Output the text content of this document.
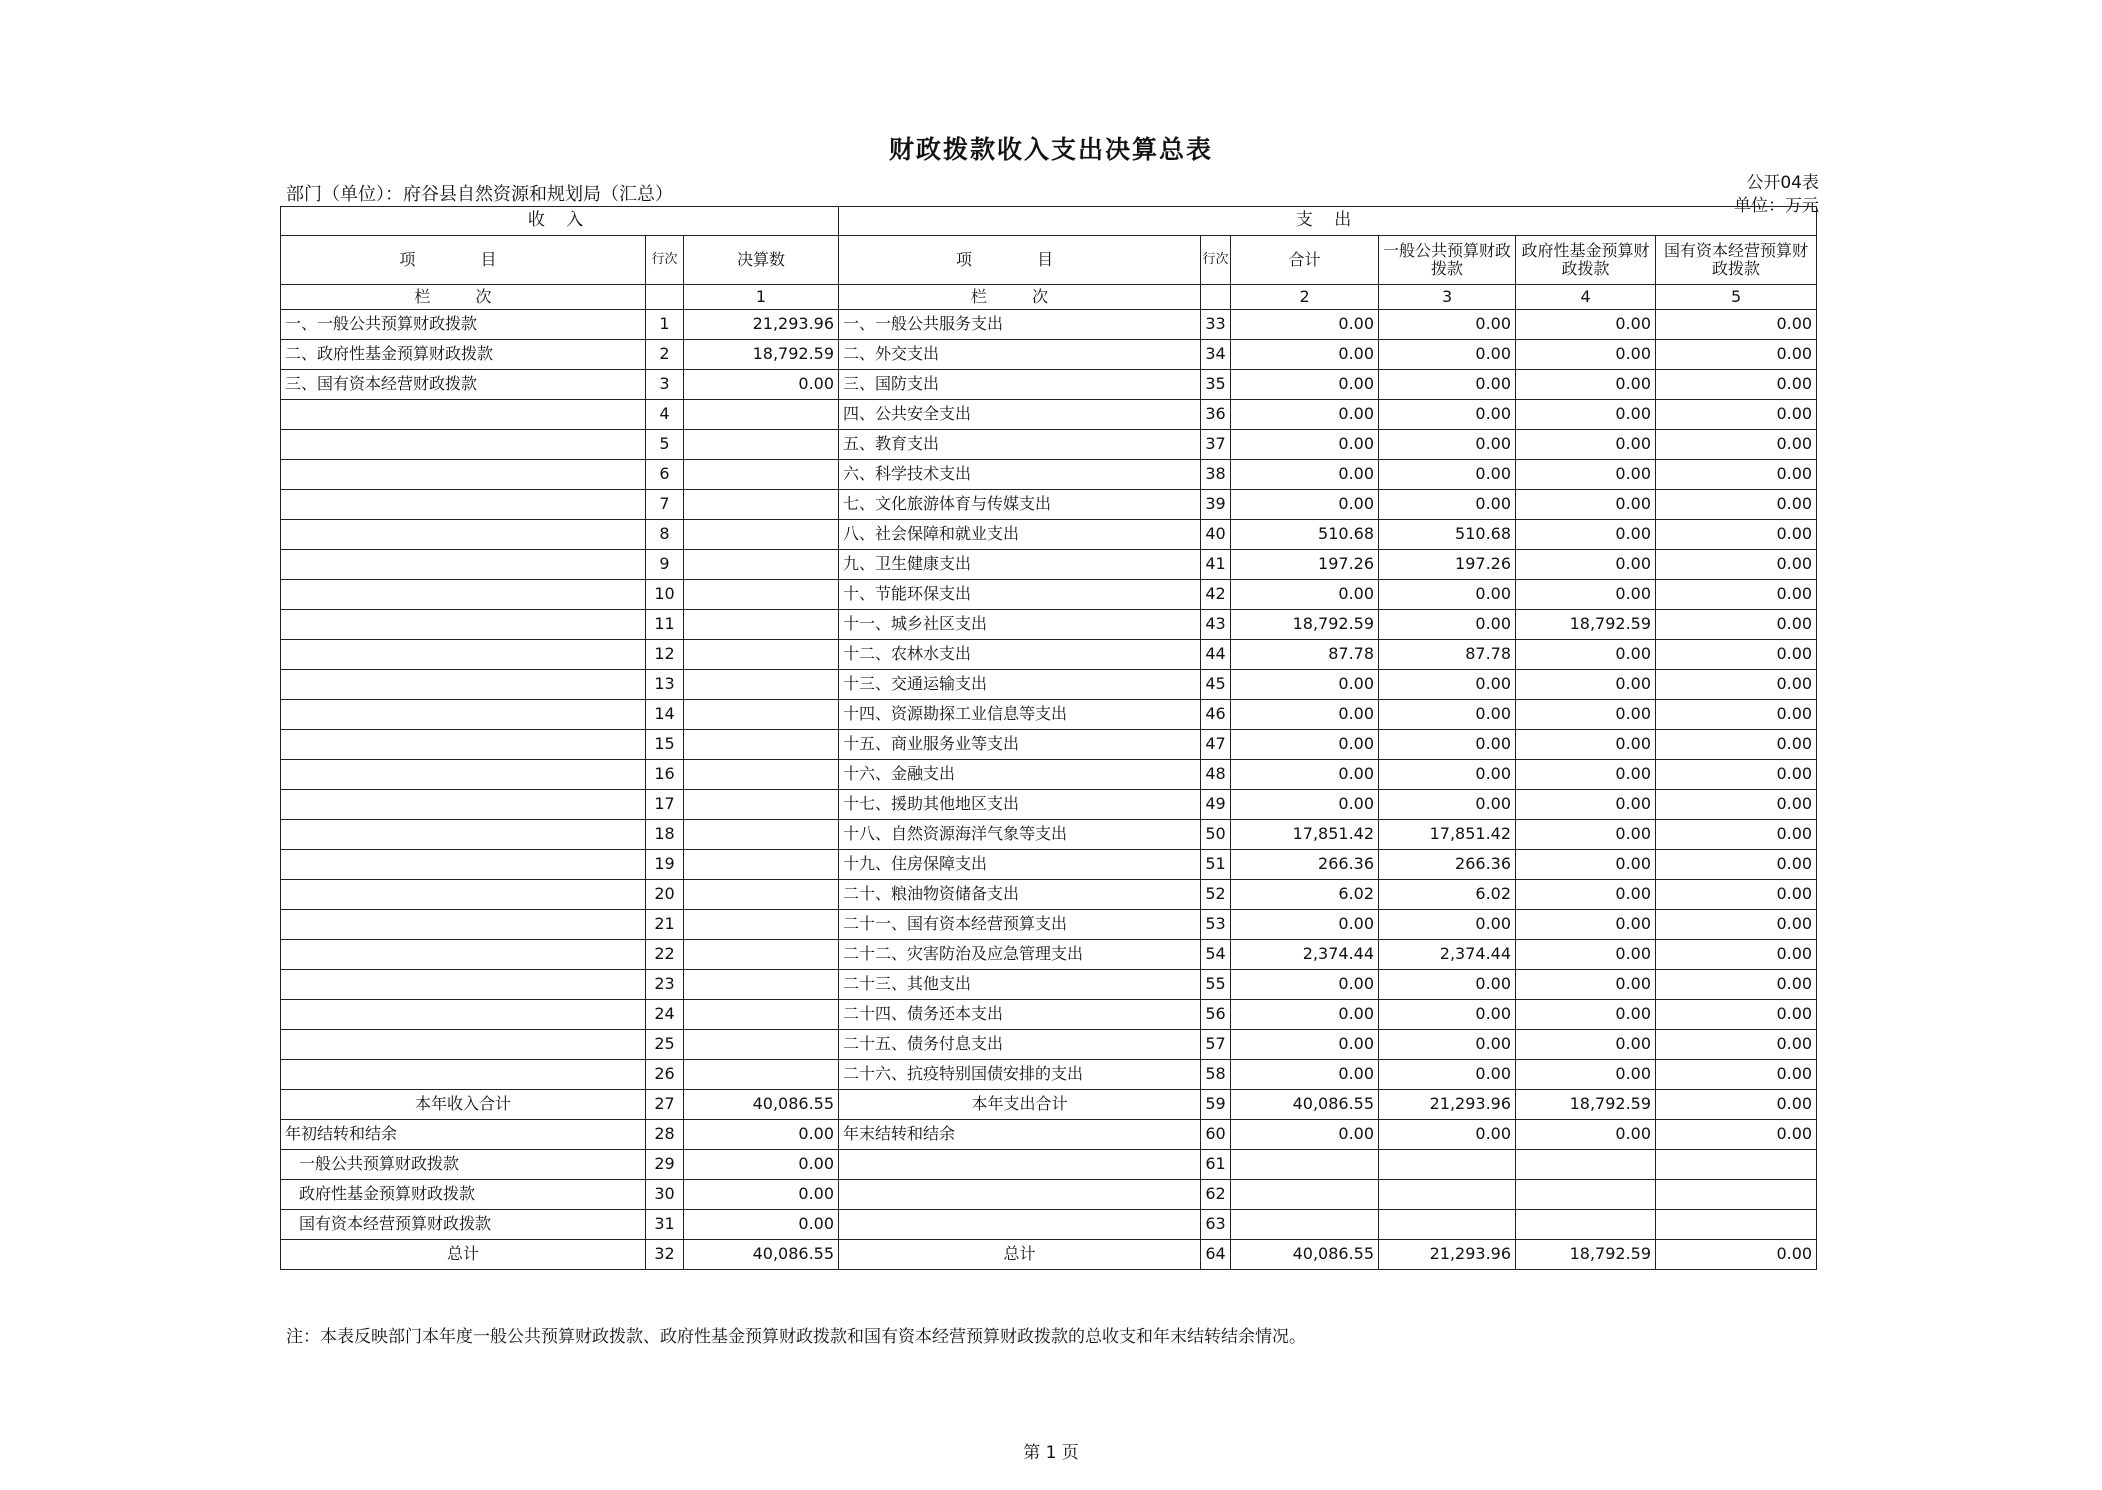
财政拨款收入支出决算总表
部门（单位）：府谷县自然资源和规划局（汇总）
公开04表
单位：万元
收 入			支 出					
项 目	行次	决算数	项 目	行次	合计	一般公共预算财政拨款	政府性基金预算财政拨款	国有资本经营预算财政拨款
栏 次		1	栏 次		2	3	4	5
一、一般公共预算财政拨款	1	21,293.96	一、一般公共服务支出	33	0.00	0.00	0.00	0.00
二、政府性基金预算财政拨款	2	18,792.59	二、外交支出	34	0.00	0.00	0.00	0.00
三、国有资本经营财政拨款	3	0.00	三、国防支出	35	0.00	0.00	0.00	0.00
	4		四、公共安全支出	36	0.00	0.00	0.00	0.00
	5		五、教育支出	37	0.00	0.00	0.00	0.00
	6		六、科学技术支出	38	0.00	0.00	0.00	0.00
	7		七、文化旅游体育与传媒支出	39	0.00	0.00	0.00	0.00
	8		八、社会保障和就业支出	40	510.68	510.68	0.00	0.00
	9		九、卫生健康支出	41	197.26	197.26	0.00	0.00
	10		十、节能环保支出	42	0.00	0.00	0.00	0.00
	11		十一、城乡社区支出	43	18,792.59	0.00	18,792.59	0.00
	12		十二、农林水支出	44	87.78	87.78	0.00	0.00
	13		十三、交通运输支出	45	0.00	0.00	0.00	0.00
	14		十四、资源勘探工业信息等支出	46	0.00	0.00	0.00	0.00
	15		十五、商业服务业等支出	47	0.00	0.00	0.00	0.00
	16		十六、金融支出	48	0.00	0.00	0.00	0.00
	17		十七、援助其他地区支出	49	0.00	0.00	0.00	0.00
	18		十八、自然资源海洋气象等支出	50	17,851.42	17,851.42	0.00	0.00
	19		十九、住房保障支出	51	266.36	266.36	0.00	0.00
	20		二十、粮油物资储备支出	52	6.02	6.02	0.00	0.00
	21		二十一、国有资本经营预算支出	53	0.00	0.00	0.00	0.00
	22		二十二、灾害防治及应急管理支出	54	2,374.44	2,374.44	0.00	0.00
	23		二十三、其他支出	55	0.00	0.00	0.00	0.00
	24		二十四、债务还本支出	56	0.00	0.00	0.00	0.00
	25		二十五、债务付息支出	57	0.00	0.00	0.00	0.00
	26		二十六、抗疫特别国债安排的支出	58	0.00	0.00	0.00	0.00
本年收入合计	27	40,086.55	本年支出合计	59	40,086.55	21,293.96	18,792.59	0.00
年初结转和结余	28	0.00	年末结转和结余	60	0.00	0.00	0.00	0.00
一般公共预算财政拨款	29	0.00		61				
政府性基金预算财政拨款	30	0.00		62				
国有资本经营预算财政拨款	31	0.00		63				
总计	32	40,086.55	总计	64	40,086.55	21,293.96	18,792.59	0.00
注：本表反映部门本年度一般公共预算财政拨款、政府性基金预算财政拨款和国有资本经营预算财政拨款的总收支和年末结转结余情况。
第 1 页
